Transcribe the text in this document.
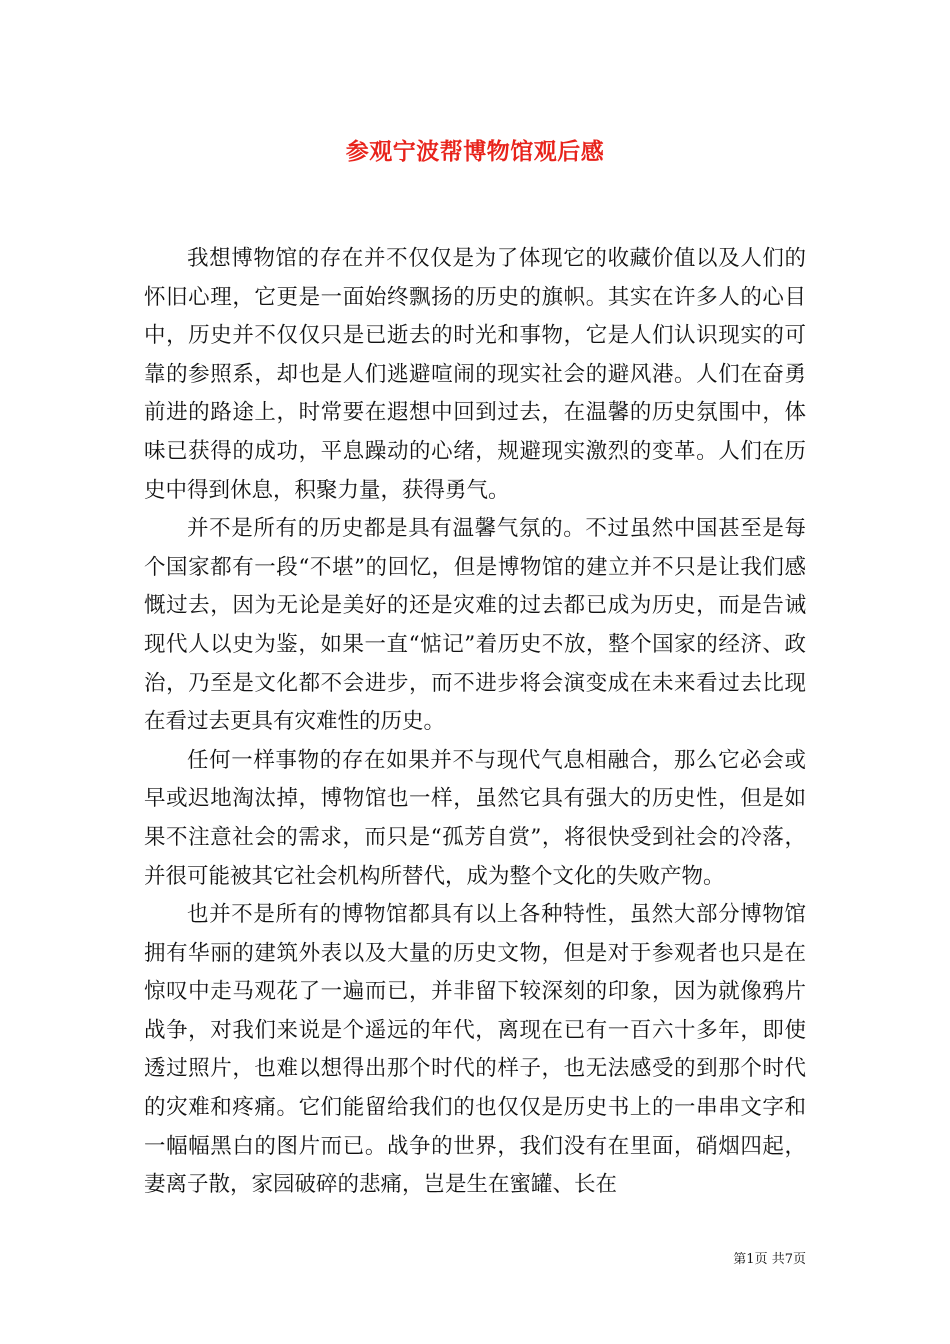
参观宁波帮博物馆观后感

我想博物馆的存在并不仅仅是为了体现它的收藏价值以及人们的怀旧心理，它更是一面始终飘扬的历史的旗帜。其实在许多人的心目中，历史并不仅仅只是已逝去的时光和事物，它是人们认识现实的可靠的参照系，却也是人们逃避喧闹的现实社会的避风港。人们在奋勇前进的路途上，时常要在遐想中回到过去，在温馨的历史氛围中，体味已获得的成功，平息躁动的心绪，规避现实激烈的变革。人们在历史中得到休息，积聚力量，获得勇气。

并不是所有的历史都是具有温馨气氛的。不过虽然中国甚至是每个国家都有一段“不堪”的回忆，但是博物馆的建立并不只是让我们感慨过去，因为无论是美好的还是灾难的过去都已成为历史，而是告诫现代人以史为鉴，如果一直“惦记”着历史不放，整个国家的经济、政治，乃至是文化都不会进步，而不进步将会演变成在未来看过去比现在看过去更具有灾难性的历史。

任何一样事物的存在如果并不与现代气息相融合，那么它必会或早或迟地淘汰掉，博物馆也一样，虽然它具有强大的历史性，但是如果不注意社会的需求，而只是“孤芳自赏”，将很快受到社会的冷落，并很可能被其它社会机构所替代，成为整个文化的失败产物。

也并不是所有的博物馆都具有以上各种特性，虽然大部分博物馆拥有华丽的建筑外表以及大量的历史文物，但是对于参观者也只是在惊叹中走马观花了一遍而已，并非留下较深刻的印象，因为就像鸦片战争，对我们来说是个遥远的年代，离现在已有一百六十多年，即使透过照片，也难以想得出那个时代的样子，也无法感受的到那个时代的灾难和疼痛。它们能留给我们的也仅仅是历史书上的一串串文字和一幅幅黑白的图片而已。战争的世界，我们没有在里面，硝烟四起，妻离子散，家园破碎的悲痛，岂是生在蜜罐、长在

第1页 共7页
